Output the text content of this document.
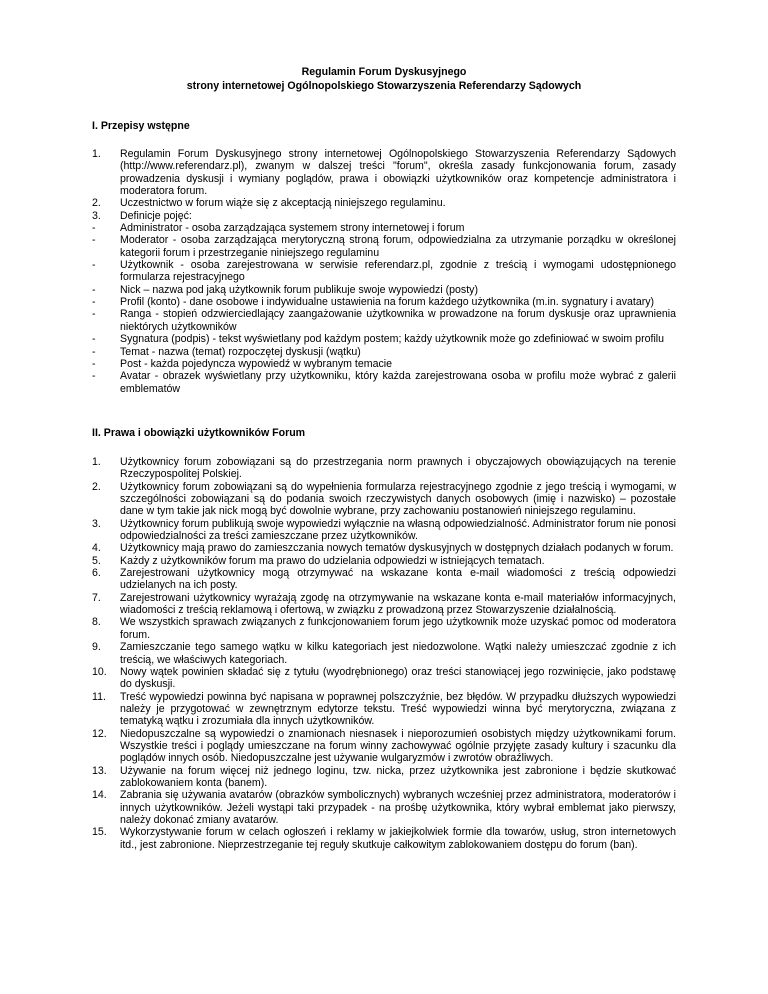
Regulamin Forum Dyskusyjnego
strony internetowej Ogólnopolskiego Stowarzyszenia Referendarzy Sądowych
I. Przepisy wstępne
1.	Regulamin Forum Dyskusyjnego strony internetowej Ogólnopolskiego Stowarzyszenia Referendarzy Sądowych (http://www.referendarz.pl), zwanym w dalszej treści "forum", określa zasady funkcjonowania forum, zasady prowadzenia dyskusji i wymiany poglądów, prawa i obowiązki użytkowników oraz kompetencje administratora i moderatora forum.
2.	Uczestnictwo w forum wiąże się z akceptacją niniejszego regulaminu.
3.	Definicje pojęć:
-	Administrator - osoba zarządzająca systemem strony internetowej i forum
-	Moderator - osoba zarządzająca merytoryczną stroną forum, odpowiedzialna za utrzymanie porządku w określonej kategorii forum i przestrzeganie niniejszego regulaminu
-	Użytkownik - osoba zarejestrowana w serwisie referendarz.pl, zgodnie z treścią i wymogami udostępnionego formularza rejestracyjnego
-	Nick – nazwa pod jaką użytkownik forum publikuje swoje wypowiedzi (posty)
-	Profil (konto) - dane osobowe i indywidualne ustawienia na forum każdego użytkownika (m.in. sygnatury i avatary)
-	Ranga - stopień odzwierciedlający zaangażowanie użytkownika w prowadzone na forum dyskusje oraz uprawnienia niektórych użytkowników
-	Sygnatura (podpis) - tekst wyświetlany pod każdym postem; każdy użytkownik może go zdefiniować w swoim profilu
-	Temat - nazwa (temat) rozpoczętej dyskusji (wątku)
-	Post - każda pojedyncza wypowiedź w wybranym temacie
-	Avatar - obrazek wyświetlany przy użytkowniku, który każda zarejestrowana osoba w profilu może wybrać z galerii emblematów
II. Prawa i obowiązki użytkowników Forum
1.	Użytkownicy forum zobowiązani są do przestrzegania norm prawnych i obyczajowych obowiązujących na terenie Rzeczypospolitej Polskiej.
2.	Użytkownicy forum zobowiązani są do wypełnienia formularza rejestracyjnego zgodnie z jego treścią i wymogami, w szczególności zobowiązani są do podania swoich rzeczywistych danych osobowych (imię i nazwisko) – pozostałe dane w tym takie jak nick mogą być dowolnie wybrane, przy zachowaniu postanowień niniejszego regulaminu.
3.	Użytkownicy forum publikują swoje wypowiedzi wyłącznie na własną odpowiedzialność. Administrator forum nie ponosi odpowiedzialności za treści zamieszczane przez użytkowników.
4.	Użytkownicy mają prawo do zamieszczania nowych tematów dyskusyjnych w dostępnych działach podanych w forum.
5.	Każdy z użytkowników forum ma prawo do udzielania odpowiedzi w istniejących tematach.
6.	Zarejestrowani użytkownicy mogą otrzymywać na wskazane konta e-mail wiadomości z treścią odpowiedzi udzielanych na ich posty.
7.	Zarejestrowani użytkownicy wyrażają zgodę na otrzymywanie na wskazane konta e-mail materiałów informacyjnych, wiadomości z treścią reklamową i ofertową, w związku z prowadzoną przez Stowarzyszenie działalnością.
8.	We wszystkich sprawach związanych z funkcjonowaniem forum jego użytkownik może uzyskać pomoc od moderatora forum.
9.	Zamieszczanie tego samego wątku w kilku kategoriach jest niedozwolone. Wątki należy umieszczać zgodnie z ich treścią, we właściwych kategoriach.
10.	Nowy wątek powinien składać się z tytułu (wyodrębnionego) oraz treści stanowiącej jego rozwinięcie, jako podstawę do dyskusji.
11.	Treść wypowiedzi powinna być napisana w poprawnej polszczyźnie, bez błędów. W przypadku dłuższych wypowiedzi należy je przygotować w zewnętrznym edytorze tekstu. Treść wypowiedzi winna być merytoryczna, związana z tematyką wątku i zrozumiała dla innych użytkowników.
12.	Niedopuszczalne są wypowiedzi o znamionach niesnasek i nieporozumień osobistych między użytkownikami forum. Wszystkie treści i poglądy umieszczane na forum winny zachowywać ogólnie przyjęte zasady kultury i szacunku dla poglądów innych osób. Niedopuszczalne jest używanie wulgaryzmów i zwrotów obraźliwych.
13.	Używanie na forum więcej niż jednego loginu, tzw. nicka, przez użytkownika jest zabronione i będzie skutkować zablokowaniem konta (banem).
14.	Zabrania się używania avatarów (obrazków symbolicznych) wybranych wcześniej przez administratora, moderatorów i innych użytkowników. Jeżeli wystąpi taki przypadek - na prośbę użytkownika, który wybrał emblemat jako pierwszy, należy dokonać zmiany avatarów.
15.	Wykorzystywanie forum w celach ogłoszeń i reklamy w jakiejkolwiek formie dla towarów, usług, stron internetowych itd., jest zabronione. Nieprzestrzeganie tej reguły skutkuje całkowitym zablokowaniem dostępu do forum (ban).
